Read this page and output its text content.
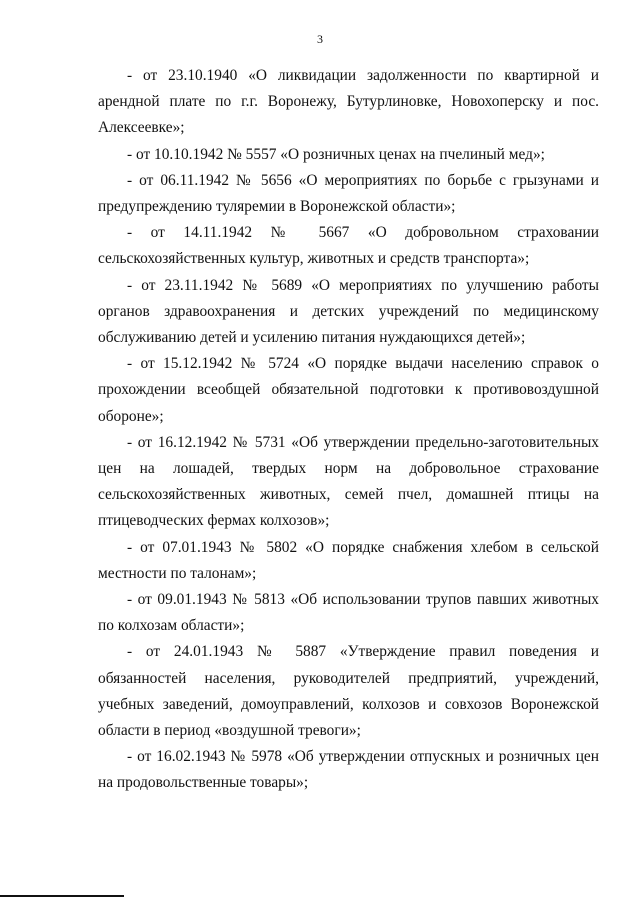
3

- от 23.10.1940 «О ликвидации задолженности по квартирной и арендной плате по г.г. Воронежу, Бутурлиновке, Новохоперску и пос. Алексеевке»;

- от 10.10.1942 № 5557 «О розничных ценах на пчелиный мед»;

- от 06.11.1942 № 5656 «О мероприятиях по борьбе с грызунами и предупреждению туляремии в Воронежской области»;

- от 14.11.1942 № 5667 «О добровольном страховании сельскохозяйственных культур, животных и средств транспорта»;

- от 23.11.1942 № 5689 «О мероприятиях по улучшению работы органов здравоохранения и детских учреждений по медицинскому обслуживанию детей и усилению питания нуждающихся детей»;

- от 15.12.1942 № 5724 «О порядке выдачи населению справок о прохождении всеобщей обязательной подготовки к противовоздушной обороне»;

- от 16.12.1942 № 5731 «Об утверждении предельно-заготовительных цен на лошадей, твердых норм на добровольное страхование сельскохозяйственных животных, семей пчел, домашней птицы на птицеводческих фермах колхозов»;

- от 07.01.1943 № 5802 «О порядке снабжения хлебом в сельской местности по талонам»;

- от 09.01.1943 № 5813 «Об использовании трупов павших животных по колхозам области»;

- от 24.01.1943 № 5887 «Утверждение правил поведения и обязанностей населения, руководителей предприятий, учреждений, учебных заведений, домоуправлений, колхозов и совхозов Воронежской области в период «воздушной тревоги»;

- от 16.02.1943 № 5978 «Об утверждении отпускных и розничных цен на продовольственные товары»;
